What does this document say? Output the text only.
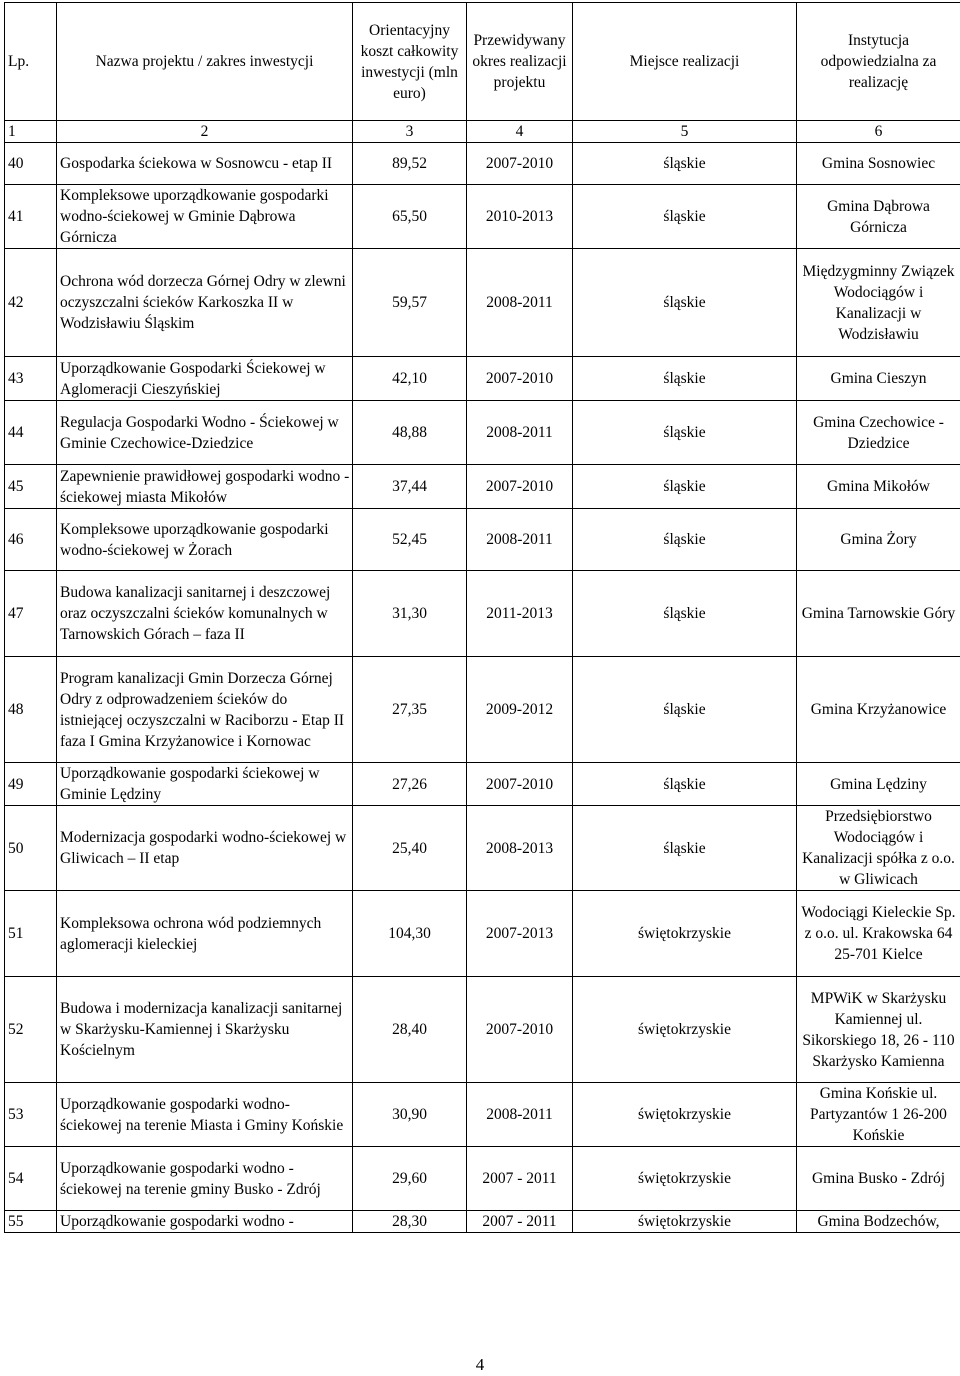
Lp.	Nazwa projektu / zakres inwestycji	Orientacyjny koszt całkowity inwestycji (mln euro)	Przewidywany okres realizacji projektu	Miejsce realizacji	Instytucja odpowiedzialna za realizację
1	2	3	4	5	6
40	Gospodarka ściekowa w Sosnowcu - etap II	89,52	2007-2010	śląskie	Gmina Sosnowiec
41	Kompleksowe uporządkowanie gospodarki wodno-ściekowej w Gminie Dąbrowa Górnicza	65,50	2010-2013	śląskie	Gmina Dąbrowa Górnicza
42	Ochrona wód dorzecza Górnej Odry w zlewni oczyszczalni ścieków Karkoszka II w Wodzisławiu Śląskim	59,57	2008-2011	śląskie	Międzygminny Związek Wodociągów i Kanalizacji w Wodzisławiu
43	Uporządkowanie Gospodarki Ściekowej w Aglomeracji Cieszyńskiej	42,10	2007-2010	śląskie	Gmina Cieszyn
44	Regulacja Gospodarki Wodno - Ściekowej w Gminie Czechowice-Dziedzice	48,88	2008-2011	śląskie	Gmina Czechowice - Dziedzice
45	Zapewnienie prawidłowej gospodarki wodno - ściekowej miasta Mikołów	37,44	2007-2010	śląskie	Gmina Mikołów
46	Kompleksowe uporządkowanie gospodarki wodno-ściekowej w Żorach	52,45	2008-2011	śląskie	Gmina Żory
47	Budowa kanalizacji sanitarnej i deszczowej oraz oczyszczalni ścieków komunalnych w Tarnowskich Górach – faza II	31,30	2011-2013	śląskie	Gmina Tarnowskie Góry
48	Program kanalizacji Gmin Dorzecza Górnej Odry z odprowadzeniem ścieków do istniejącej oczyszczalni w Raciborzu - Etap II faza I Gmina Krzyżanowice i Kornowac	27,35	2009-2012	śląskie	Gmina Krzyżanowice
49	Uporządkowanie gospodarki ściekowej w Gminie Lędziny	27,26	2007-2010	śląskie	Gmina Lędziny
50	Modernizacja gospodarki wodno-ściekowej w Gliwicach – II etap	25,40	2008-2013	śląskie	Przedsiębiorstwo Wodociągów i Kanalizacji spółka z o.o. w Gliwicach
51	Kompleksowa ochrona wód podziemnych aglomeracji kieleckiej	104,30	2007-2013	świętokrzyskie	Wodociągi Kieleckie Sp. z o.o. ul. Krakowska 64 25-701 Kielce
52	Budowa i modernizacja kanalizacji sanitarnej w Skarżysku-Kamiennej i Skarżysku Kościelnym	28,40	2007-2010	świętokrzyskie	MPWiK w Skarżysku Kamiennej ul. Sikorskiego 18, 26 - 110 Skarżysko Kamienna
53	Uporządkowanie gospodarki wodno-ściekowej na terenie Miasta i Gminy Końskie	30,90	2008-2011	świętokrzyskie	Gmina Końskie ul. Partyzantów 1 26-200 Końskie
54	Uporządkowanie gospodarki wodno - ściekowej na terenie gminy Busko - Zdrój	29,60	2007 - 2011	świętokrzyskie	Gmina Busko - Zdrój
55	Uporządkowanie gospodarki wodno -	28,30	2007 - 2011	świętokrzyskie	Gmina Bodzechów,
4
